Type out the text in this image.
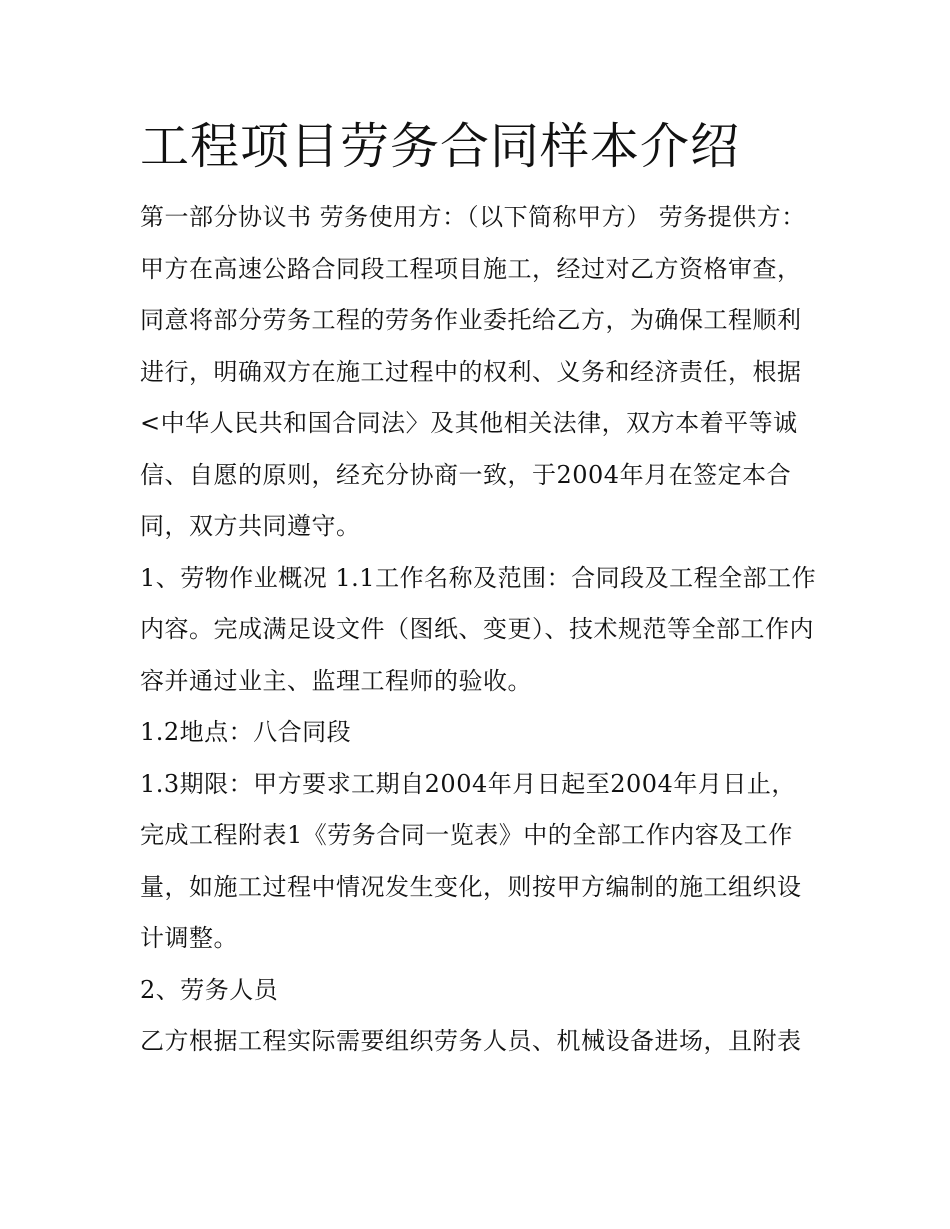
工程项目劳务合同样本介绍

第一部分协议书 劳务使用方：（以下简称甲方） 劳务提供方：

甲方在高速公路合同段工程项目施工，经过对乙方资格审查，同意将部分劳务工程的劳务作业委托给乙方，为确保工程顺利进行，明确双方在施工过程中的权利、义务和经济责任，根据<中华人民共和国合同法〉及其他相关法律，双方本着平等诚信、自愿的原则，经充分协商一致，于2004年月在签定本合同，双方共同遵守。

1、劳物作业概况 1.1工作名称及范围：合同段及工程全部工作内容。完成满足设文件（图纸、变更）、技术规范等全部工作内容并通过业主、监理工程师的验收。

1.2地点：八合同段

1.3期限：甲方要求工期自2004年月日起至2004年月日止，完成工程附表1《劳务合同一览表》中的全部工作内容及工作量，如施工过程中情况发生变化，则按甲方编制的施工组织设计调整。

2、劳务人员

乙方根据工程实际需要组织劳务人员、机械设备进场，且附表
